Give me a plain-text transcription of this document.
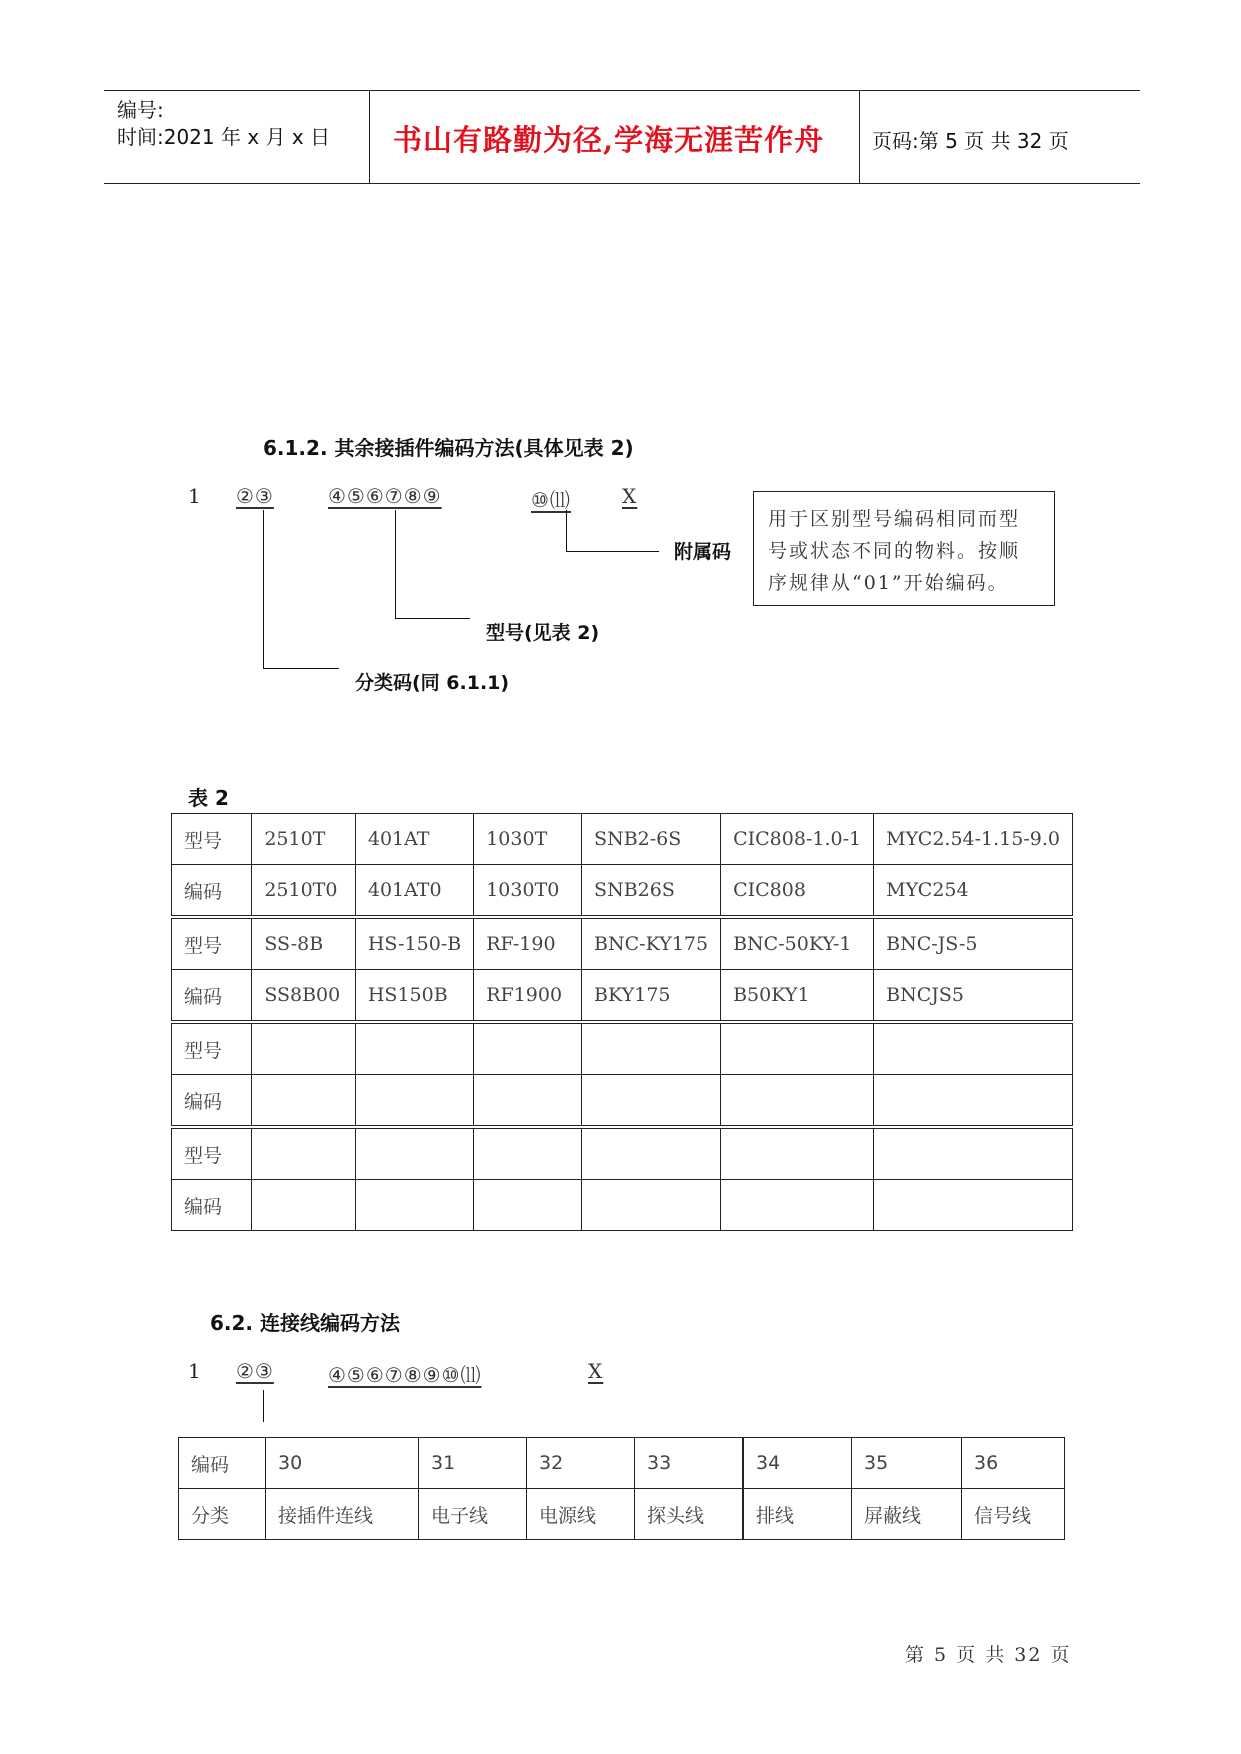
编号:
时间:2021 年 x 月 x 日 书山有路勤为径,学海无涯苦作舟 页码:第 5 页 共 32 页
6.1.2. 其余接插件编码方法(具体见表 2)
1 ②③	④⑤⑥⑦⑧⑨	⑩⑾	X
附属码
型号(见表 2)
分类码(同 6.1.1)
用于区别型号编码相同而型号或状态不同的物料。按顺序规律从“01”开始编码。
表 2
型号	2510T	401AT	1030T	SNB2-6S	CIC808-1.0-1	MYC2.54-1.15-9.0
编码	2510T0	401AT0	1030T0	SNB26S	CIC808	MYC254
型号	SS-8B	HS-150-B	RF-190	BNC-KY175	BNC-50KY-1	BNC-JS-5
编码	SS8B00	HS150B	RF1900	BKY175	B50KY1	BNCJS5
型号						
编码						
型号						
编码						
6.2. 连接线编码方法
1 ②③	④⑤⑥⑦⑧⑨⑩⑾	X
编码	30	31	32	33	34	35	36
分类	接插件连线	电子线	电源线	探头线	排线	屏蔽线	信号线
第 5 页 共 32 页
